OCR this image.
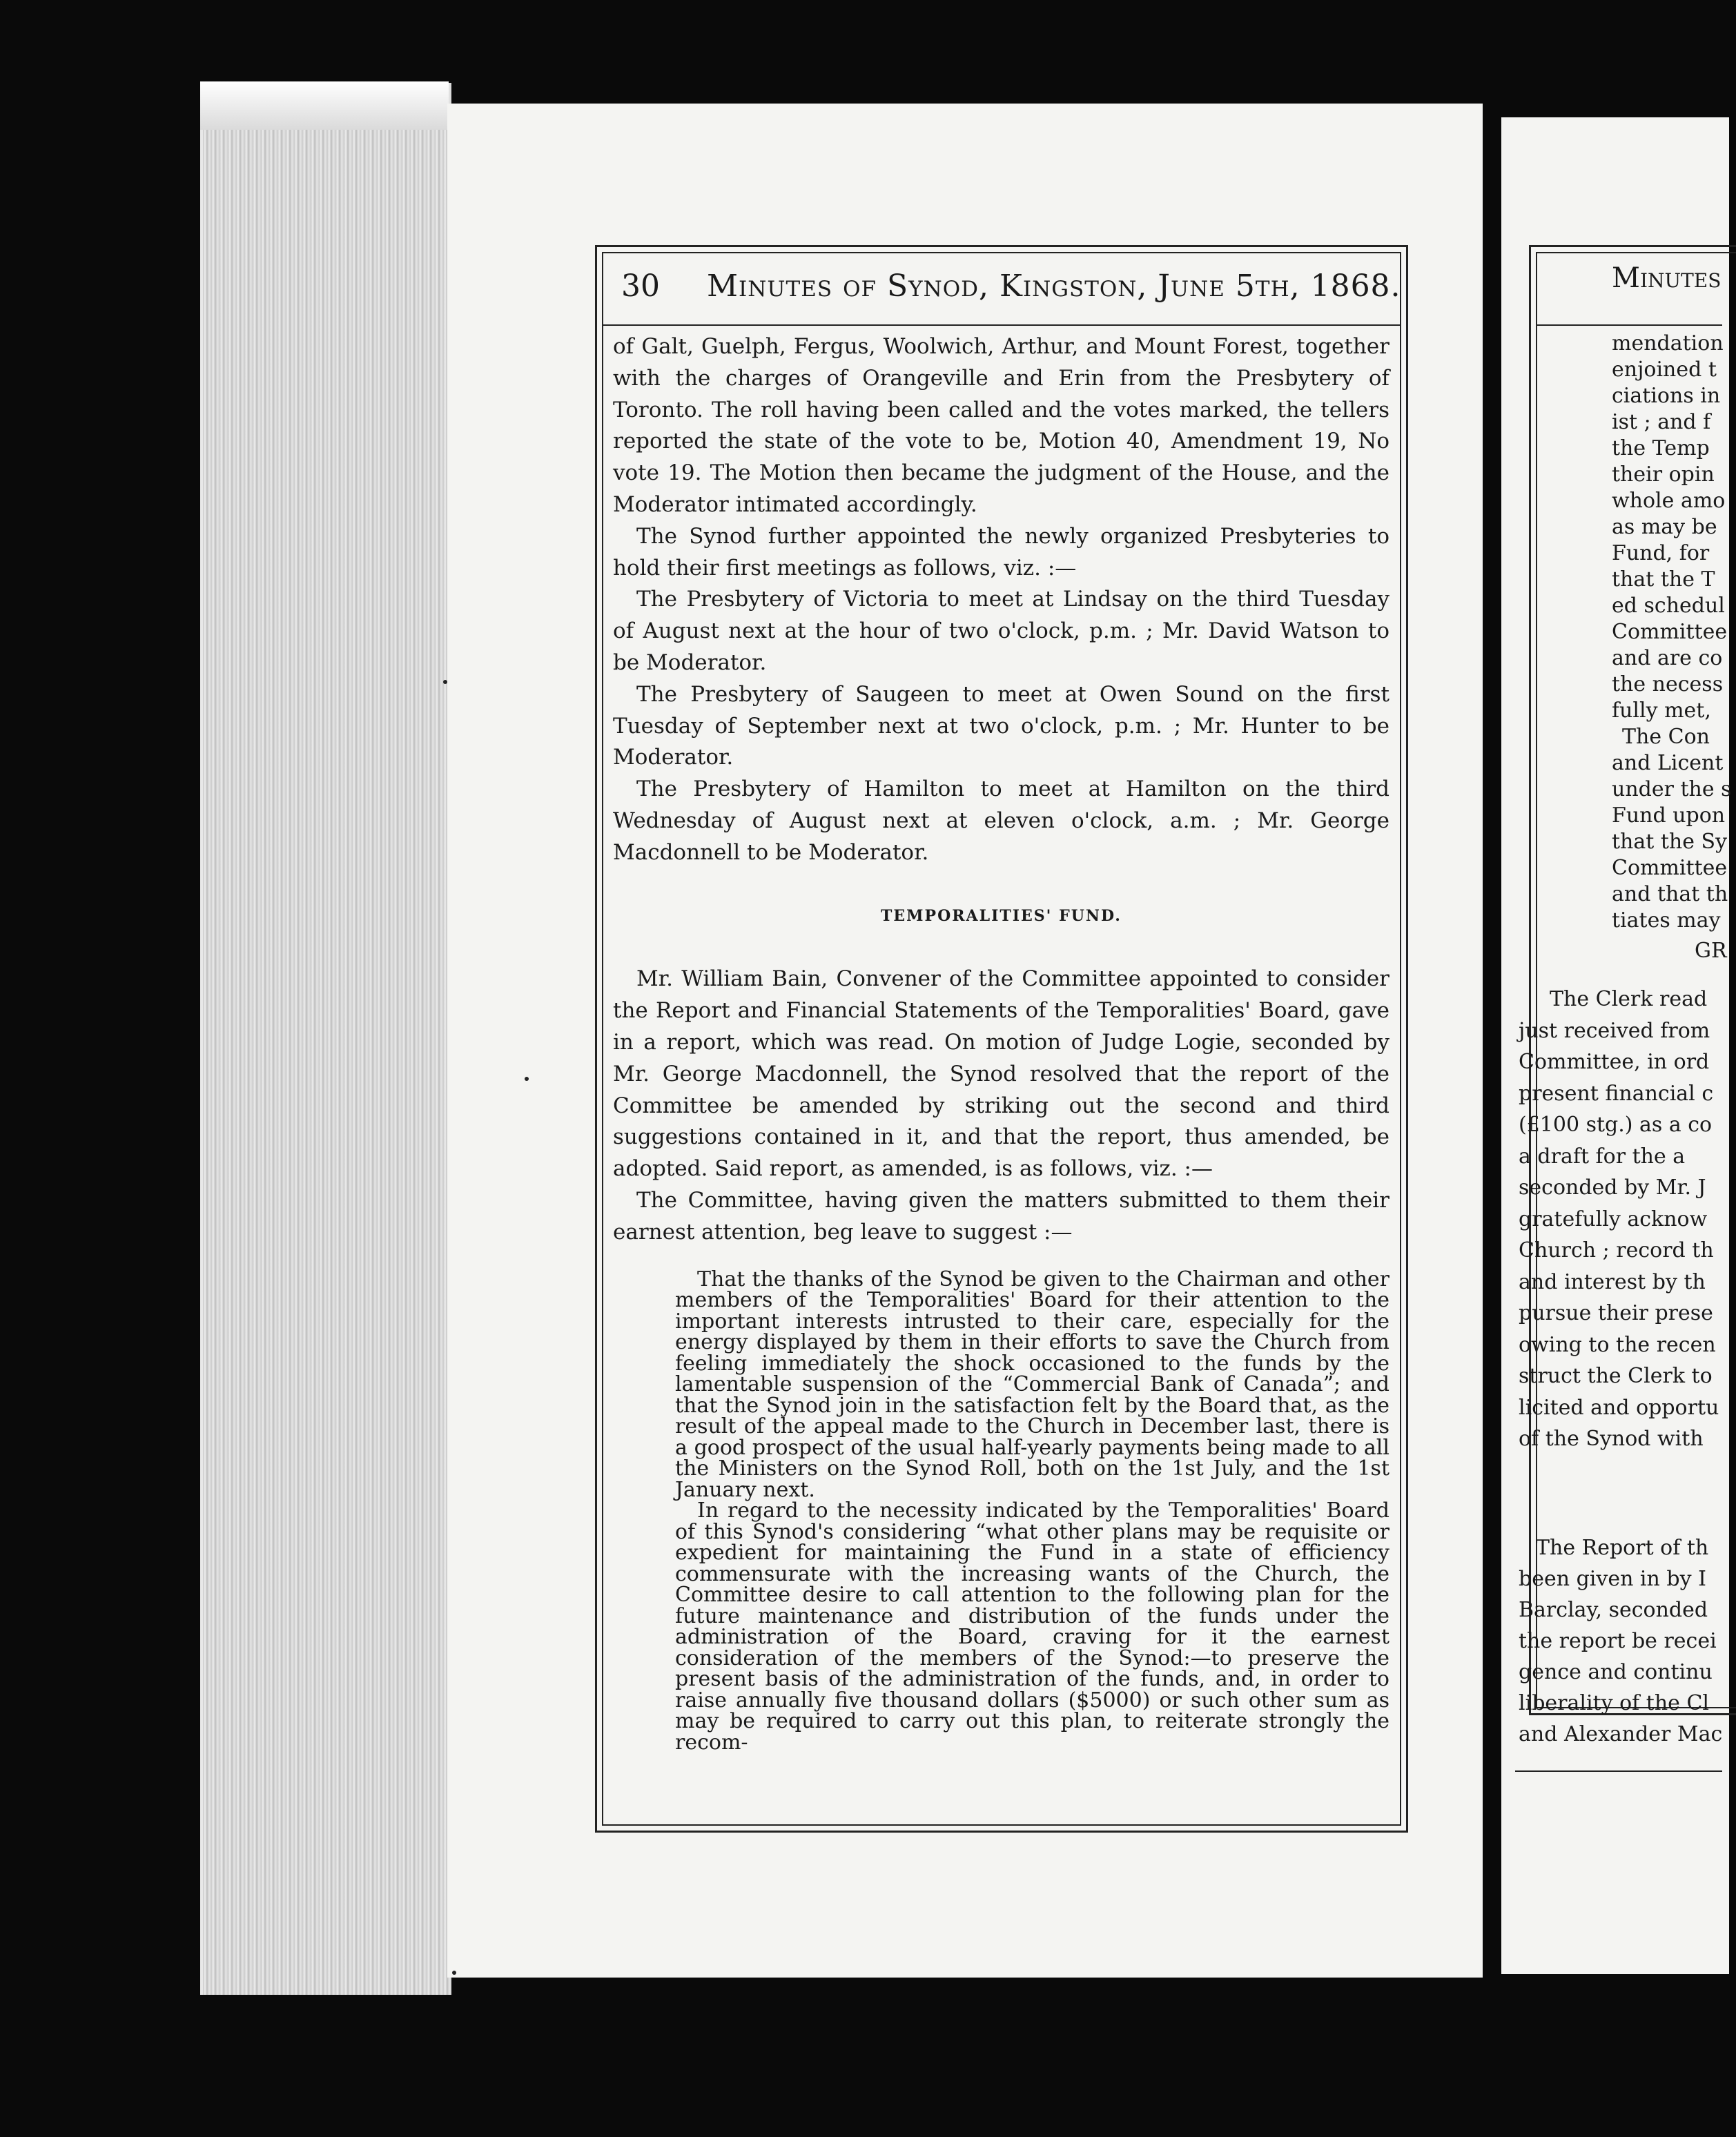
30 Minutes of Synod, Kingston, June 5th, 1868.

of Galt, Guelph, Fergus, Woolwich, Arthur, and Mount Forest, together with the charges of Orangeville and Erin from the Presbytery of Toronto. The roll having been called and the votes marked, the tellers reported the state of the vote to be, Motion 40, Amendment 19, No vote 19. The Motion then became the judgment of the House, and the Moderator intimated accordingly.

The Synod further appointed the newly organized Presbyteries to hold their first meetings as follows, viz. :—

The Presbytery of Victoria to meet at Lindsay on the third Tuesday of August next at the hour of two o'clock, p.m. ; Mr. David Watson to be Moderator.

The Presbytery of Saugeen to meet at Owen Sound on the first Tuesday of September next at two o'clock, p.m. ; Mr. Hunter to be Moderator.

The Presbytery of Hamilton to meet at Hamilton on the third Wednesday of August next at eleven o'clock, a.m. ; Mr. George Macdonnell to be Moderator.

TEMPORALITIES' FUND.

Mr. William Bain, Convener of the Committee appointed to consider the Report and Financial Statements of the Temporalities' Board, gave in a report, which was read. On motion of Judge Logie, seconded by Mr. George Macdonnell, the Synod resolved that the report of the Committee be amended by striking out the second and third suggestions contained in it, and that the report, thus amended, be adopted. Said report, as amended, is as follows, viz. :—

The Committee, having given the matters submitted to them their earnest attention, beg leave to suggest :—

That the thanks of the Synod be given to the Chairman and other members of the Temporalities' Board for their attention to the important interests intrusted to their care, especially for the energy displayed by them in their efforts to save the Church from feeling immediately the shock occasioned to the funds by the lamentable suspension of the “Commercial Bank of Canada”; and that the Synod join in the satisfaction felt by the Board that, as the result of the appeal made to the Church in December last, there is a good prospect of the usual half-yearly payments being made to all the Ministers on the Synod Roll, both on the 1st July, and the 1st January next.

In regard to the necessity indicated by the Temporalities' Board of this Synod's considering “what other plans may be requisite or expedient for maintaining the Fund in a state of efficiency commensurate with the increasing wants of the Church, the Committee desire to call attention to the following plan for the future maintenance and distribution of the funds under the administration of the Board, craving for it the earnest consideration of the members of the Synod:—to preserve the present basis of the administration of the funds, and, in order to raise annually five thousand dollars ($5000) or such other sum as may be required to carry out this plan, to reiterate strongly the recom-

Minutes
mendation
enjoined t
ciations in
ist ; and f
the Temp
their opin
whole amo
as may be
Fund, for
that the T
ed schedul
Committee
and are co
the necess
fully met,
The Con
and Licent
under the s
Fund upon
that the Sy
Committee
and that th
tiates may
GR
The Clerk read
just received from
Committee, in ord
present financial c
(£100 stg.) as a co
a draft for the a
seconded by Mr. J
gratefully acknow
Church ; record th
and interest by th
pursue their prese
owing to the recen
struct the Clerk to
licited and opportu
of the Synod with
The Report of th
been given in by I
Barclay, seconded
the report be recei
gence and continu
liberality of the Cl
and Alexander Mac
